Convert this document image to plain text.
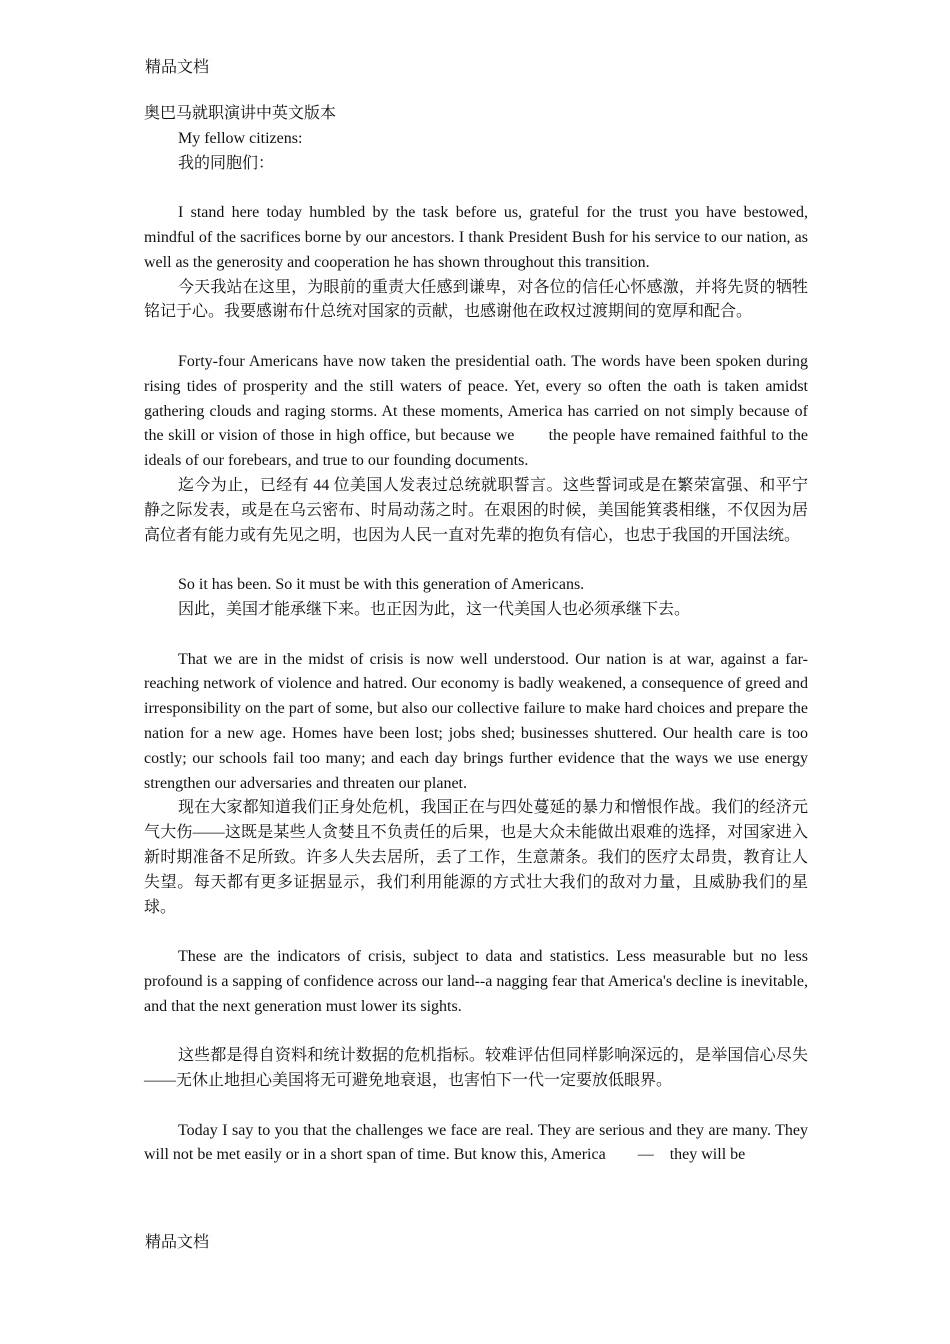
精品文档

奥巴马就职演讲中英文版本

My fellow citizens:

我的同胞们：

I stand here today humbled by the task before us, grateful for the trust you have bestowed, mindful of the sacrifices borne by our ancestors. I thank President Bush for his service to our nation, as well as the generosity and cooperation he has shown throughout this transition.

今天我站在这里，为眼前的重责大任感到谦卑，对各位的信任心怀感激，并将先贤的牺牲铭记于心。我要感谢布什总统对国家的贡献，也感谢他在政权过渡期间的宽厚和配合。

Forty-four Americans have now taken the presidential oath. The words have been spoken during rising tides of prosperity and the still waters of peace. Yet, every so often the oath is taken amidst gathering clouds and raging storms. At these moments, America has carried on not simply because of the skill or vision of those in high office, but because we　　the people have remained faithful to the ideals of our forebears, and true to our founding documents.

迄今为止，已经有 44 位美国人发表过总统就职誓言。这些誓词或是在繁荣富强、和平宁静之际发表，或是在乌云密布、时局动荡之时。在艰困的时候，美国能箕裘相继，不仅因为居高位者有能力或有先见之明，也因为人民一直对先辈的抱负有信心，也忠于我国的开国法统。

So it has been. So it must be with this generation of Americans.

因此，美国才能承继下来。也正因为此，这一代美国人也必须承继下去。

That we are in the midst of crisis is now well understood. Our nation is at war, against a far-reaching network of violence and hatred. Our economy is badly weakened, a consequence of greed and irresponsibility on the part of some, but also our collective failure to make hard choices and prepare the nation for a new age. Homes have been lost; jobs shed; businesses shuttered. Our health care is too costly; our schools fail too many; and each day brings further evidence that the ways we use energy strengthen our adversaries and threaten our planet.

现在大家都知道我们正身处危机，我国正在与四处蔓延的暴力和憎恨作战。我们的经济元气大伤——这既是某些人贪婪且不负责任的后果，也是大众未能做出艰难的选择，对国家进入新时期准备不足所致。许多人失去居所，丢了工作，生意萧条。我们的医疗太昂贵，教育让人失望。每天都有更多证据显示，我们利用能源的方式壮大我们的敌对力量，且威胁我们的星球。

These are the indicators of crisis, subject to data and statistics. Less measurable but no less profound is a sapping of confidence across our land--a nagging fear that America's decline is inevitable, and that the next generation must lower its sights.

这些都是得自资料和统计数据的危机指标。较难评估但同样影响深远的，是举国信心尽失——无休止地担心美国将无可避免地衰退，也害怕下一代一定要放低眼界。

Today I say to you that the challenges we face are real. They are serious and they are many. They will not be met easily or in a short span of time. But know this, America　　—　they will be

精品文档
